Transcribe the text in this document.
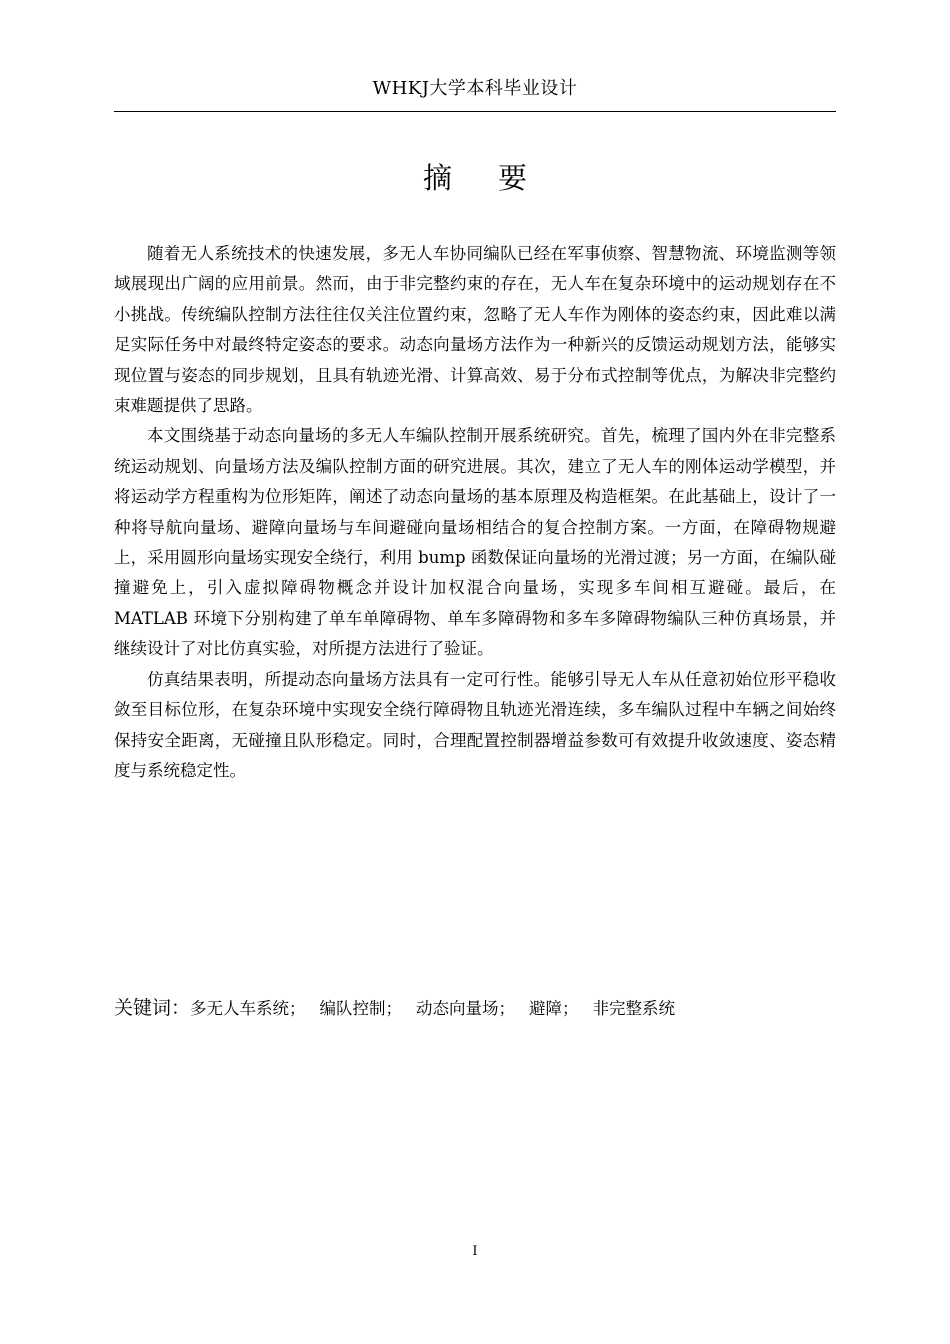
WHKJ大学本科毕业设计
摘要

随着无人系统技术的快速发展，多无人车协同编队已经在军事侦察、智慧物流、环境监测等领域展现出广阔的应用前景。然而，由于非完整约束的存在，无人车在复杂环境中的运动规划存在不小挑战。传统编队控制方法往往仅关注位置约束，忽略了无人车作为刚体的姿态约束，因此难以满足实际任务中对最终特定姿态的要求。动态向量场方法作为一种新兴的反馈运动规划方法，能够实现位置与姿态的同步规划，且具有轨迹光滑、计算高效、易于分布式控制等优点，为解决非完整约束难题提供了思路。

本文围绕基于动态向量场的多无人车编队控制开展系统研究。首先，梳理了国内外在非完整系统运动规划、向量场方法及编队控制方面的研究进展。其次，建立了无人车的刚体运动学模型，并将运动学方程重构为位形矩阵，阐述了动态向量场的基本原理及构造框架。在此基础上，设计了一种将导航向量场、避障向量场与车间避碰向量场相结合的复合控制方案。一方面，在障碍物规避上，采用圆形向量场实现安全绕行，利用 bump 函数保证向量场的光滑过渡；另一方面，在编队碰撞避免上，引入虚拟障碍物概念并设计加权混合向量场，实现多车间相互避碰。最后，在 MATLAB 环境下分别构建了单车单障碍物、单车多障碍物和多车多障碍物编队三种仿真场景，并继续设计了对比仿真实验，对所提方法进行了验证。

仿真结果表明，所提动态向量场方法具有一定可行性。能够引导无人车从任意初始位形平稳收敛至目标位形，在复杂环境中实现安全绕行障碍物且轨迹光滑连续，多车编队过程中车辆之间始终保持安全距离，无碰撞且队形稳定。同时，合理配置控制器增益参数可有效提升收敛速度、姿态精度与系统稳定性。

关键词：多无人车系统； 编队控制； 动态向量场； 避障； 非完整系统
I
